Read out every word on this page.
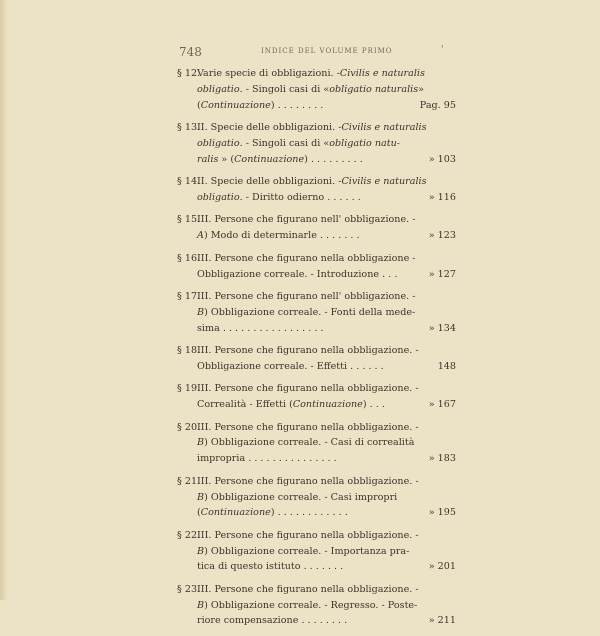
748	INDICE DEL VOLUME PRIMO	'
§ 12.
Varie specie di obbligazioni. - Civilis e naturalis
obligatio . - Singoli casi di « obligatio naturalis »
(Continuazione) . . . . . . . .	Pag. 95
§ 13.
II. Specie delle obbligazioni. - Civilis e naturalis
obligatio . - Singoli casi di « obligatio natu-
ralis » (Continuazione) . . . . . . . . .	» 103
§ 14.
II. Specie delle obbligazioni. - Civilis e naturalis
obligatio. - Diritto odierno . . . . . .	» 116
§ 15.
III. Persone che figurano nell' obbligazione. -
A) Modo di determinarle . . . . . . .	» 123
§ 16.
III. Persone che figurano nella obbligazione -
Obbligazione correale. - Introduzione . . .	» 127
§ 17.
III. Persone che figurano nell' obbligazione. -
B ) Obbligazione correale. - Fonti della mede-
sima . . . . . . . . . . . . . . . . .	» 134
§ 18.
III. Persone che figurano nella obbligazione. -
Obbligazione correale. - Effetti . . . . . .	148
§ 19.
III. Persone che figurano nella obbligazione. -
Correalità - Effetti (Continuazione) . . .	» 167
§ 20.
III. Persone che figurano nella obbligazione. -
B ) Obbligazione correale. - Casi di correalità
impropria . . . . . . . . . . . . . . .	» 183
§ 21.
III. Persone che figurano nella obbligazione. -
B ) Obbligazione correale. - Casi impropri
(Continuazione) . . . . . . . . . . . .	» 195
§ 22.
III. Persone che figurano nella obbligazione. -
B ) Obbligazione correale. - Importanza pra-
tica di questo istituto . . . . . . .	» 201
§ 23.
III. Persone che figurano nella obbligazione. -
B ) Obbligazione correale. - Regresso. - Poste-
riore compensazione . . . . . . . .	» 211
